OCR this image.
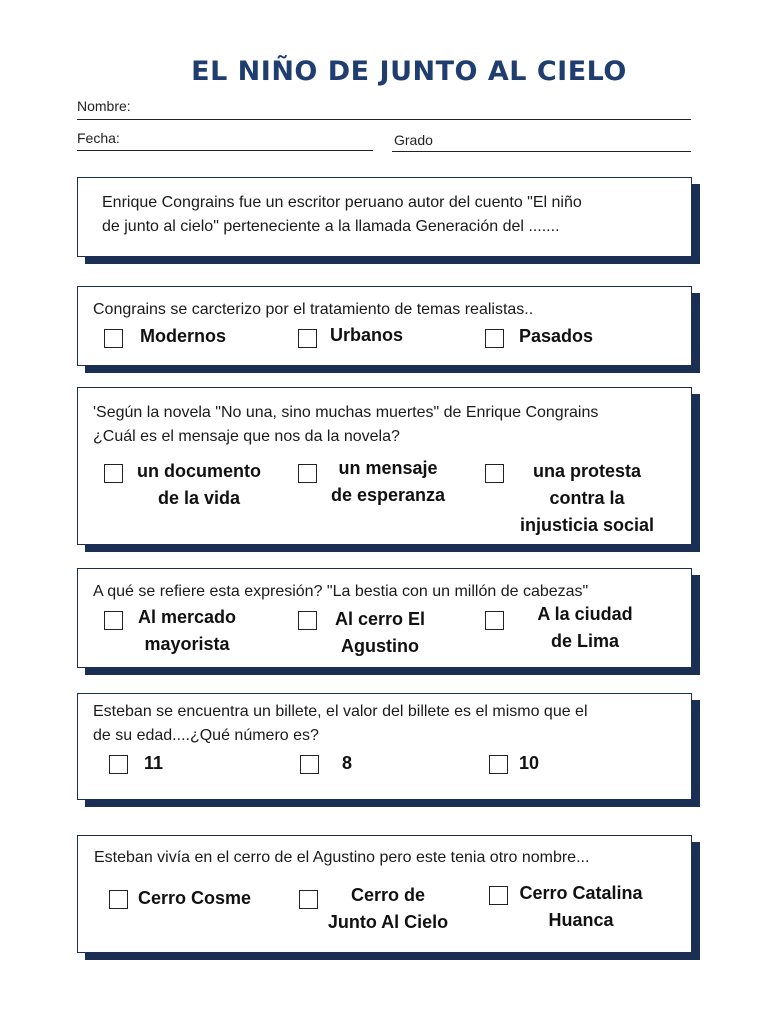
EL NIÑO DE JUNTO AL CIELO
Nombre:
Fecha:	Grado
Enrique Congrains fue un escritor peruano autor del cuento "El niño
de junto al cielo" perteneciente a la llamada Generación del .......
Congrains se carcterizo por el tratamiento de temas realistas..
Modernos	Urbanos	Pasados
'Según la novela "No una, sino muchas muertes" de Enrique Congrains
¿Cuál es el mensaje que nos da la novela?
un documento
de la vida
un mensaje
de esperanza
una protesta
contra la
injusticia social
A qué se refiere esta expresión? "La bestia con un millón de cabezas"
Al mercado
mayorista
Al cerro El
Agustino
A la ciudad
de Lima
Esteban se encuentra un billete, el valor del billete es el mismo que el
de su edad....¿Qué número es?
11	8	10
Esteban vivía en el cerro de el Agustino pero este tenia otro nombre...
Cerro Cosme	Cerro de
Junto Al Cielo
Cerro Catalina
Huanca
